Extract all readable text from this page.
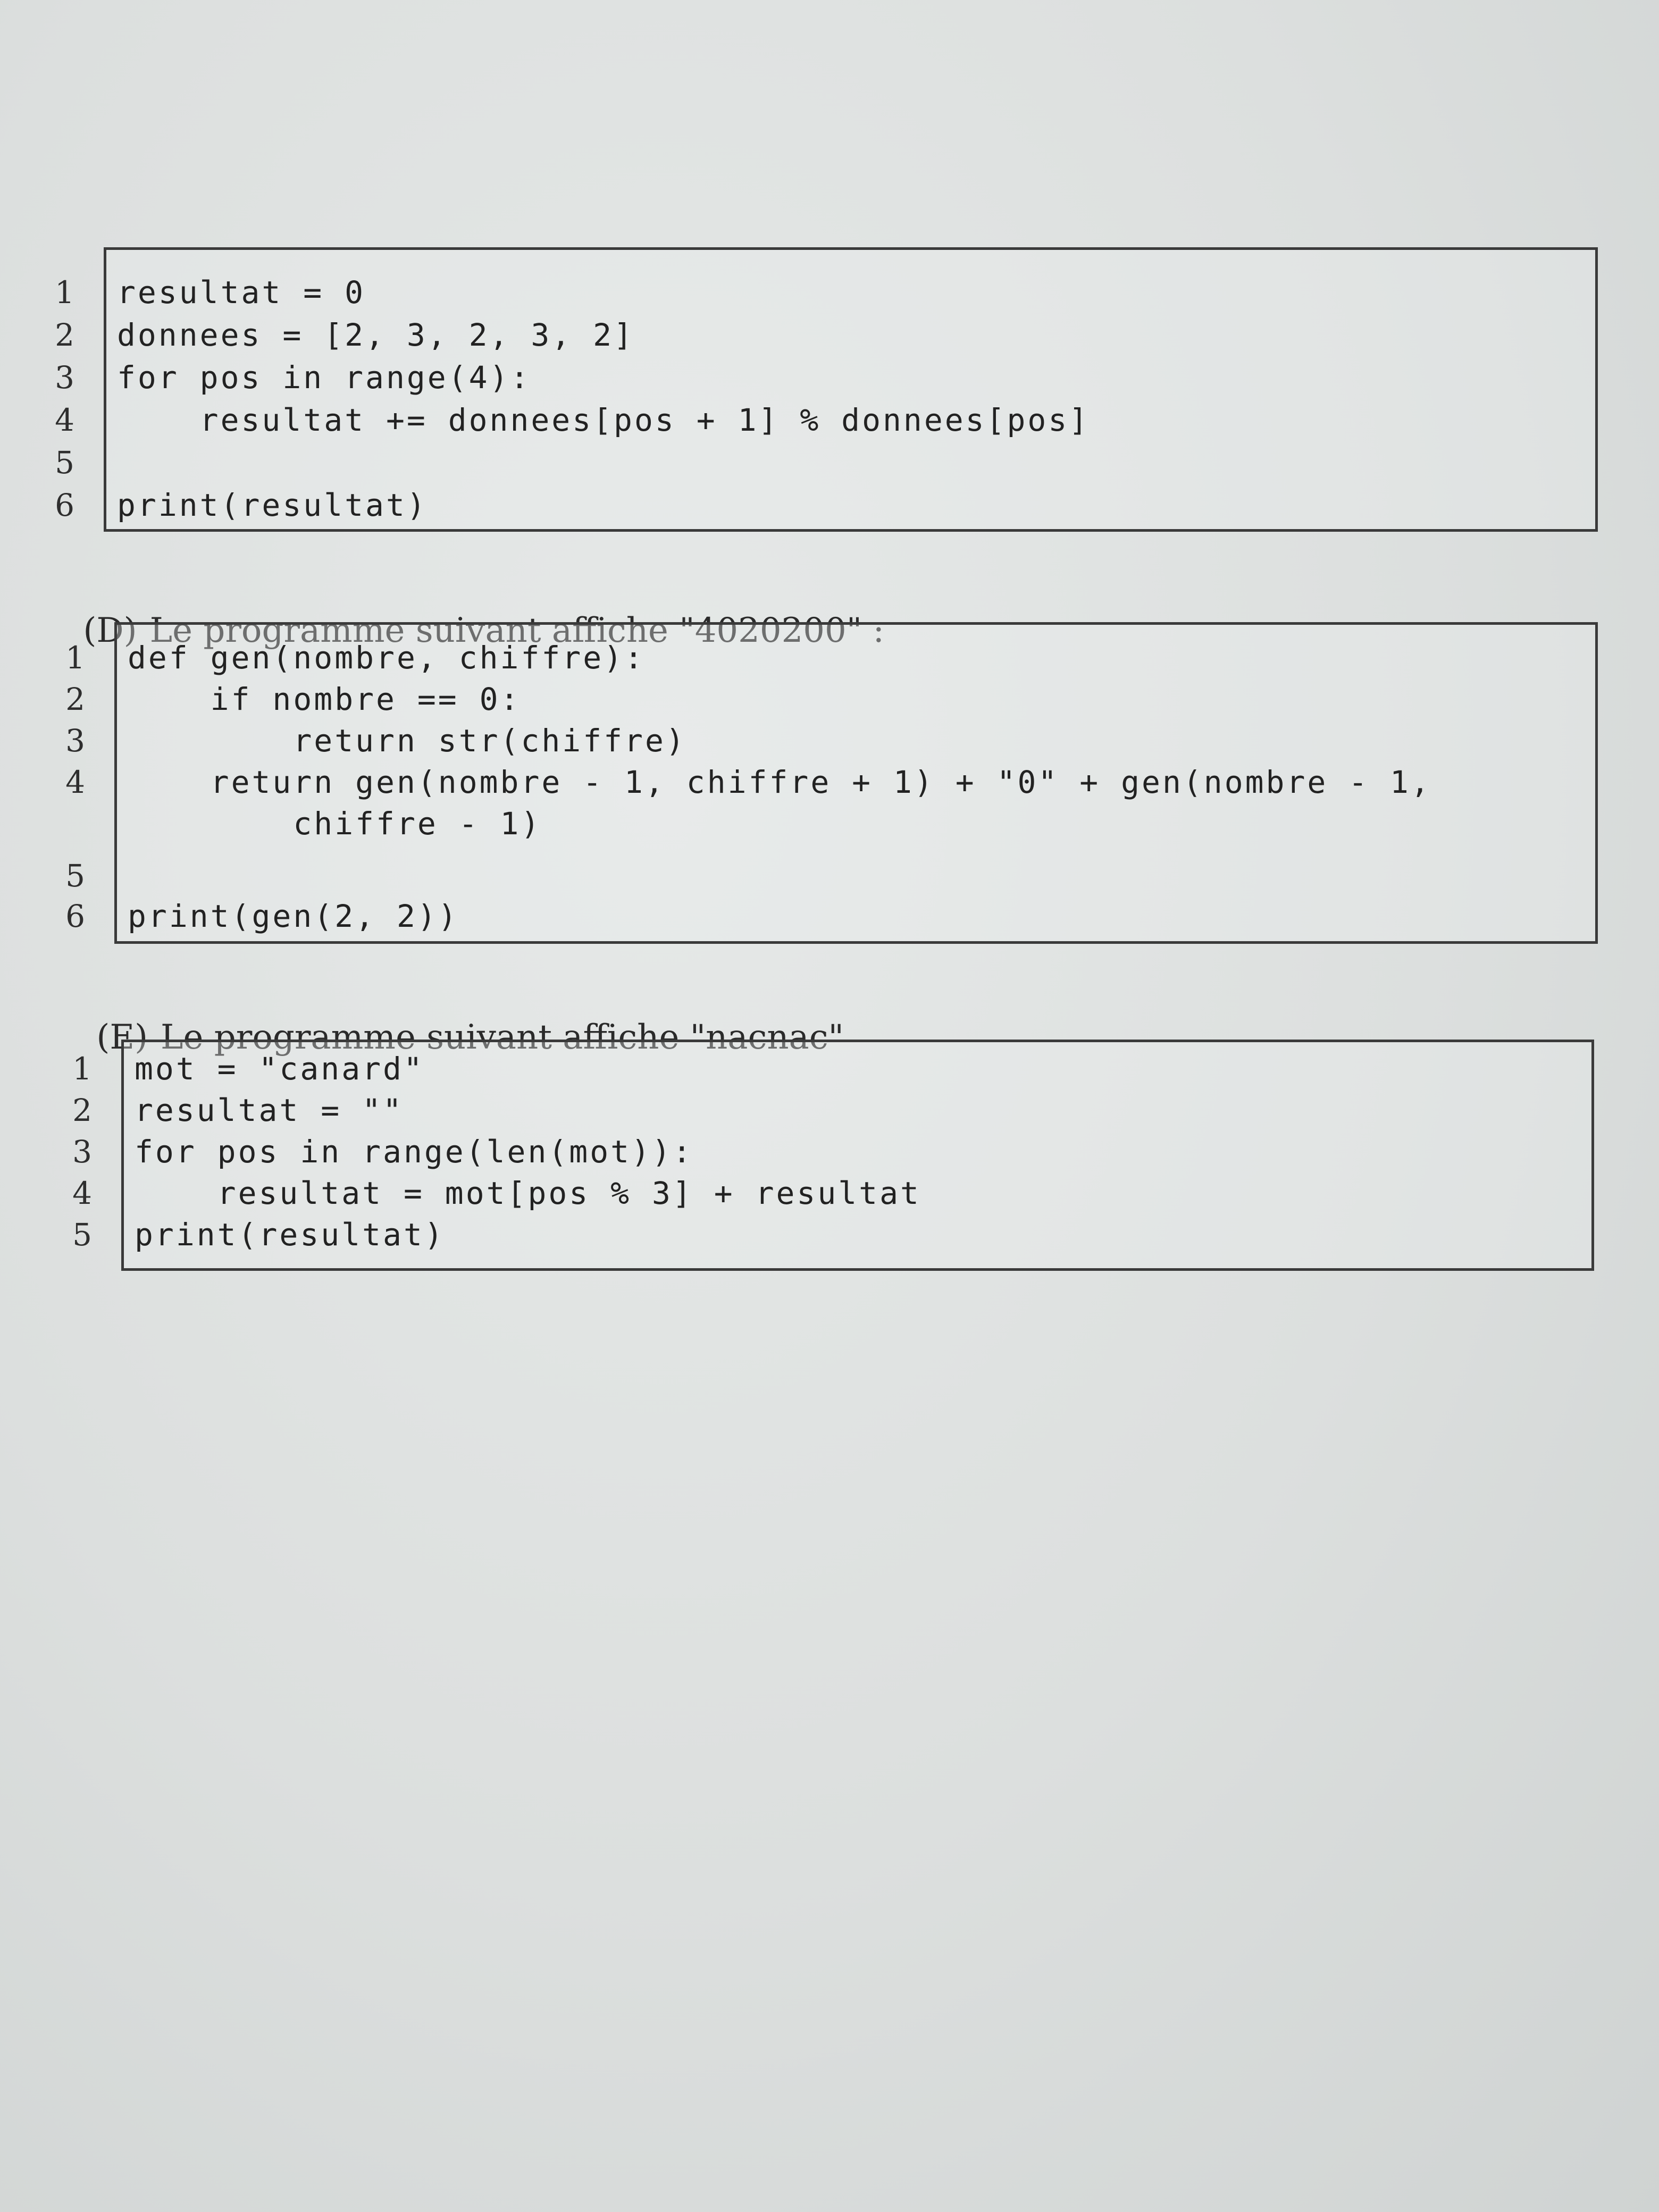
1 resultat = 0
2 donnees = [2, 3, 2, 3, 2]
3 for pos in range(4):
4 resultat += donnees[pos + 1] % donnees[pos]
5
6 print(resultat)

(D) Le programme suivant affiche "4020200" :

1 def gen(nombre, chiffre):
2 if nombre == 0:
3 return str(chiffre)
4 return gen(nombre - 1, chiffre + 1) + "0" + gen(nombre - 1,
chiffre - 1)
5
6 print(gen(2, 2))

(E) Le programme suivant affiche "nacnac"

1 mot = "canard"
2 resultat = ""
3 for pos in range(len(mot)):
4 resultat = mot[pos % 3] + resultat
5 print(resultat)
